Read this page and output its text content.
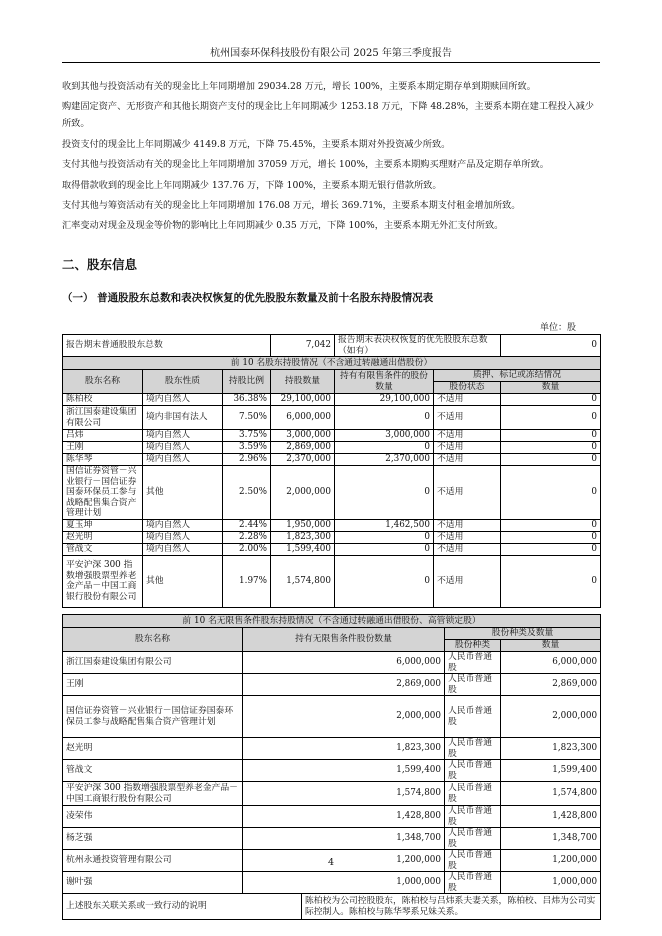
杭州国泰环保科技股份有限公司 2025 年第三季度报告
收到其他与投资活动有关的现金比上年同期增加 29034.28 万元，增长 100%，主要系本期定期存单到期赎回所致。
购建固定资产、无形资产和其他长期资产支付的现金比上年同期减少 1253.18 万元，下降 48.28%，主要系本期在建工程投入减少所致。
投资支付的现金比上年同期减少 4149.8 万元，下降 75.45%，主要系本期对外投资减少所致。
支付其他与投资活动有关的现金比上年同期增加 37059 万元，增长 100%，主要系本期购买理财产品及定期存单所致。
取得借款收到的现金比上年同期减少 137.76 万，下降 100%，主要系本期无银行借款所致。
支付其他与筹资活动有关的现金比上年同期增加 176.08 万元，增长 369.71%，主要系本期支付租金增加所致。
汇率变动对现金及现金等价物的影响比上年同期减少 0.35 万元，下降 100%，主要系本期无外汇支付所致。
二、股东信息
（一） 普通股股东总数和表决权恢复的优先股股东数量及前十名股东持股情况表
单位：股
报告期末普通股股东总数			7,042	报告期末表决权恢复的优先股股东总数（如有）		0
前 10 名股东持股情况（不含通过转融通出借股份）						
股东名称	股东性质	持股比例	持股数量	持有有限售条件的股份数量	质押、标记或冻结情况	
					股份状态	数量
陈柏校	境内自然人	36.38%	29,100,000	29,100,000	不适用	0
浙江国泰建设集团有限公司	境内非国有法人	7.50%	6,000,000	0	不适用	0
吕炜	境内自然人	3.75%	3,000,000	3,000,000	不适用	0
王刚	境内自然人	3.59%	2,869,000	0	不适用	0
陈华琴	境内自然人	2.96%	2,370,000	2,370,000	不适用	0
国信证券资管－兴业银行－国信证券国泰环保员工参与战略配售集合资产管理计划	其他	2.50%	2,000,000	0	不适用	0
夏玉坤	境内自然人	2.44%	1,950,000	1,462,500	不适用	0
赵光明	境内自然人	2.28%	1,823,300	0	不适用	0
管战文	境内自然人	2.00%	1,599,400	0	不适用	0
平安沪深 300 指数增强股票型养老金产品－中国工商银行股份有限公司	其他	1.97%	1,574,800	0	不适用	0
前 10 名无限售条件股东持股情况（不含通过转融通出借股份、高管锁定股）				
股东名称	持有无限售条件股份数量		股份种类及数量	
			股份种类	数量
浙江国泰建设集团有限公司	6,000,000		人民币普通股	6,000,000
王刚	2,869,000		人民币普通股	2,869,000
国信证券资管－兴业银行－国信证券国泰环保员工参与战略配售集合资产管理计划	2,000,000		人民币普通股	2,000,000
赵光明	1,823,300		人民币普通股	1,823,300
管战文	1,599,400		人民币普通股	1,599,400
平安沪深 300 指数增强股票型养老金产品－中国工商银行股份有限公司	1,574,800		人民币普通股	1,574,800
凌荣伟	1,428,800		人民币普通股	1,428,800
杨芝强	1,348,700		人民币普通股	1,348,700
杭州永通投资管理有限公司	1,200,000		人民币普通股	1,200,000
谢叶强	1,000,000		人民币普通股	1,000,000
上述股东关联关系或一致行动的说明		陈柏校为公司控股股东，陈柏校与吕炜系夫妻关系，陈柏校、吕炜为公司实际控制人。陈柏校与陈华琴系兄妹关系。		
4
